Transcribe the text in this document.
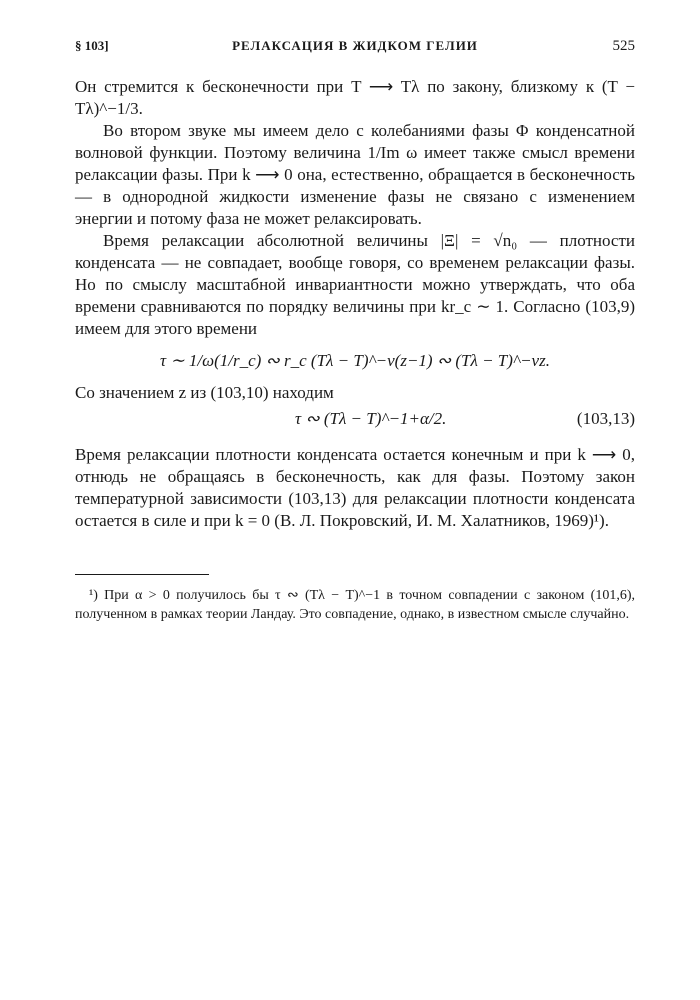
§ 103]	РЕЛАКСАЦИЯ В ЖИДКОМ ГЕЛИИ	525

Он стремится к бесконечности при T ⟶ Tλ по закону, близкому к (T − Tλ)^−1/3.

Во втором звуке мы имеем дело с колебаниями фазы Φ конденсатной волновой функции. Поэтому величина 1/Im ω имеет также смысл времени релаксации фазы. При k ⟶ 0 она, естественно, обращается в бесконечность — в однородной жидкости изменение фазы не связано с изменением энергии и потому фаза не может релаксировать.

Время релаксации абсолютной величины |Ξ| = √n₀ — плотности конденсата — не совпадает, вообще говоря, со временем релаксации фазы. Но по смыслу масштабной инвариантности можно утверждать, что оба времени сравниваются по порядку величины при kr_c ∼ 1. Согласно (103,9) имеем для этого времени

τ ∼ 1/ω(1/r_c) ∾ r_c (Tλ − T)^−ν(z−1) ∾ (Tλ − T)^−νz.

Со значением z из (103,10) находим

τ ∾ (Tλ − T)^−1+α/2.	(103,13)

Время релаксации плотности конденсата остается конечным и при k ⟶ 0, отнюдь не обращаясь в бесконечность, как для фазы. Поэтому закон температурной зависимости (103,13) для релаксации плотности конденсата остается в силе и при k = 0 (В. Л. Покровский, И. М. Халатников, 1969)¹).

¹) При α > 0 получилось бы τ ∾ (Tλ − T)^−1 в точном совпадении с законом (101,6), полученном в рамках теории Ландау. Это совпадение, однако, в известном смысле случайно.
